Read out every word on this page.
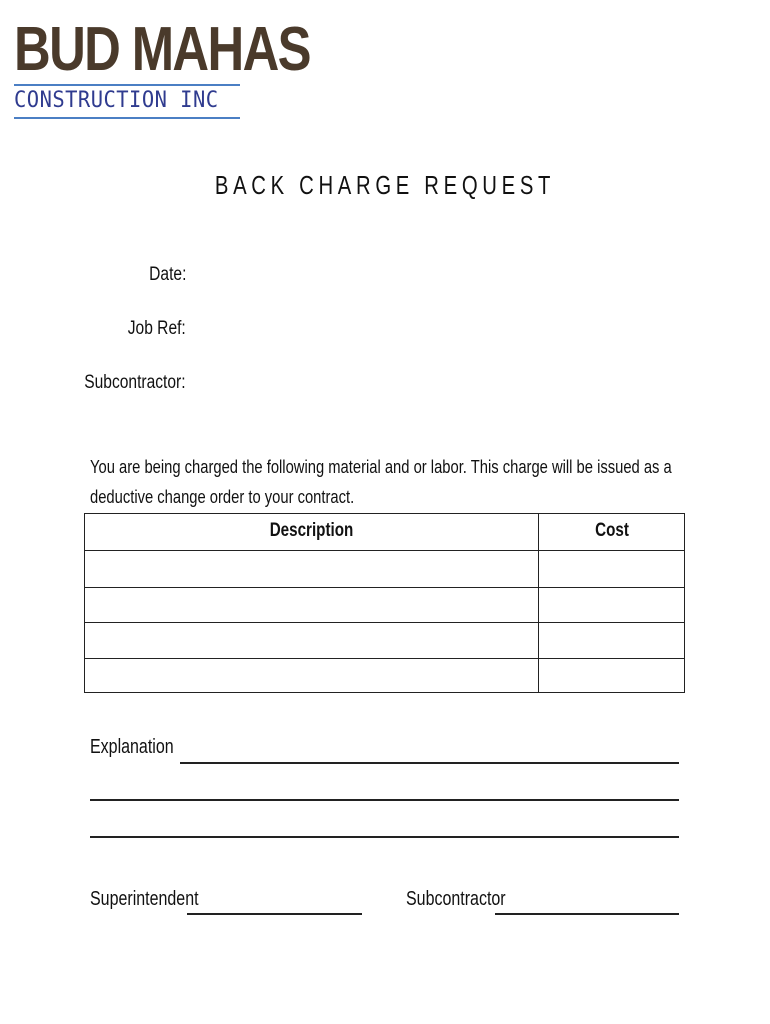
BUD MAHAS
CONSTRUCTION INC
BACK CHARGE REQUEST
Date:
Job Ref:
Subcontractor:
You are being charged the following material and or labor. This charge will be issued as a deductive change order to your contract.
Description	Cost
Explanation
Superintendent	Subcontractor
